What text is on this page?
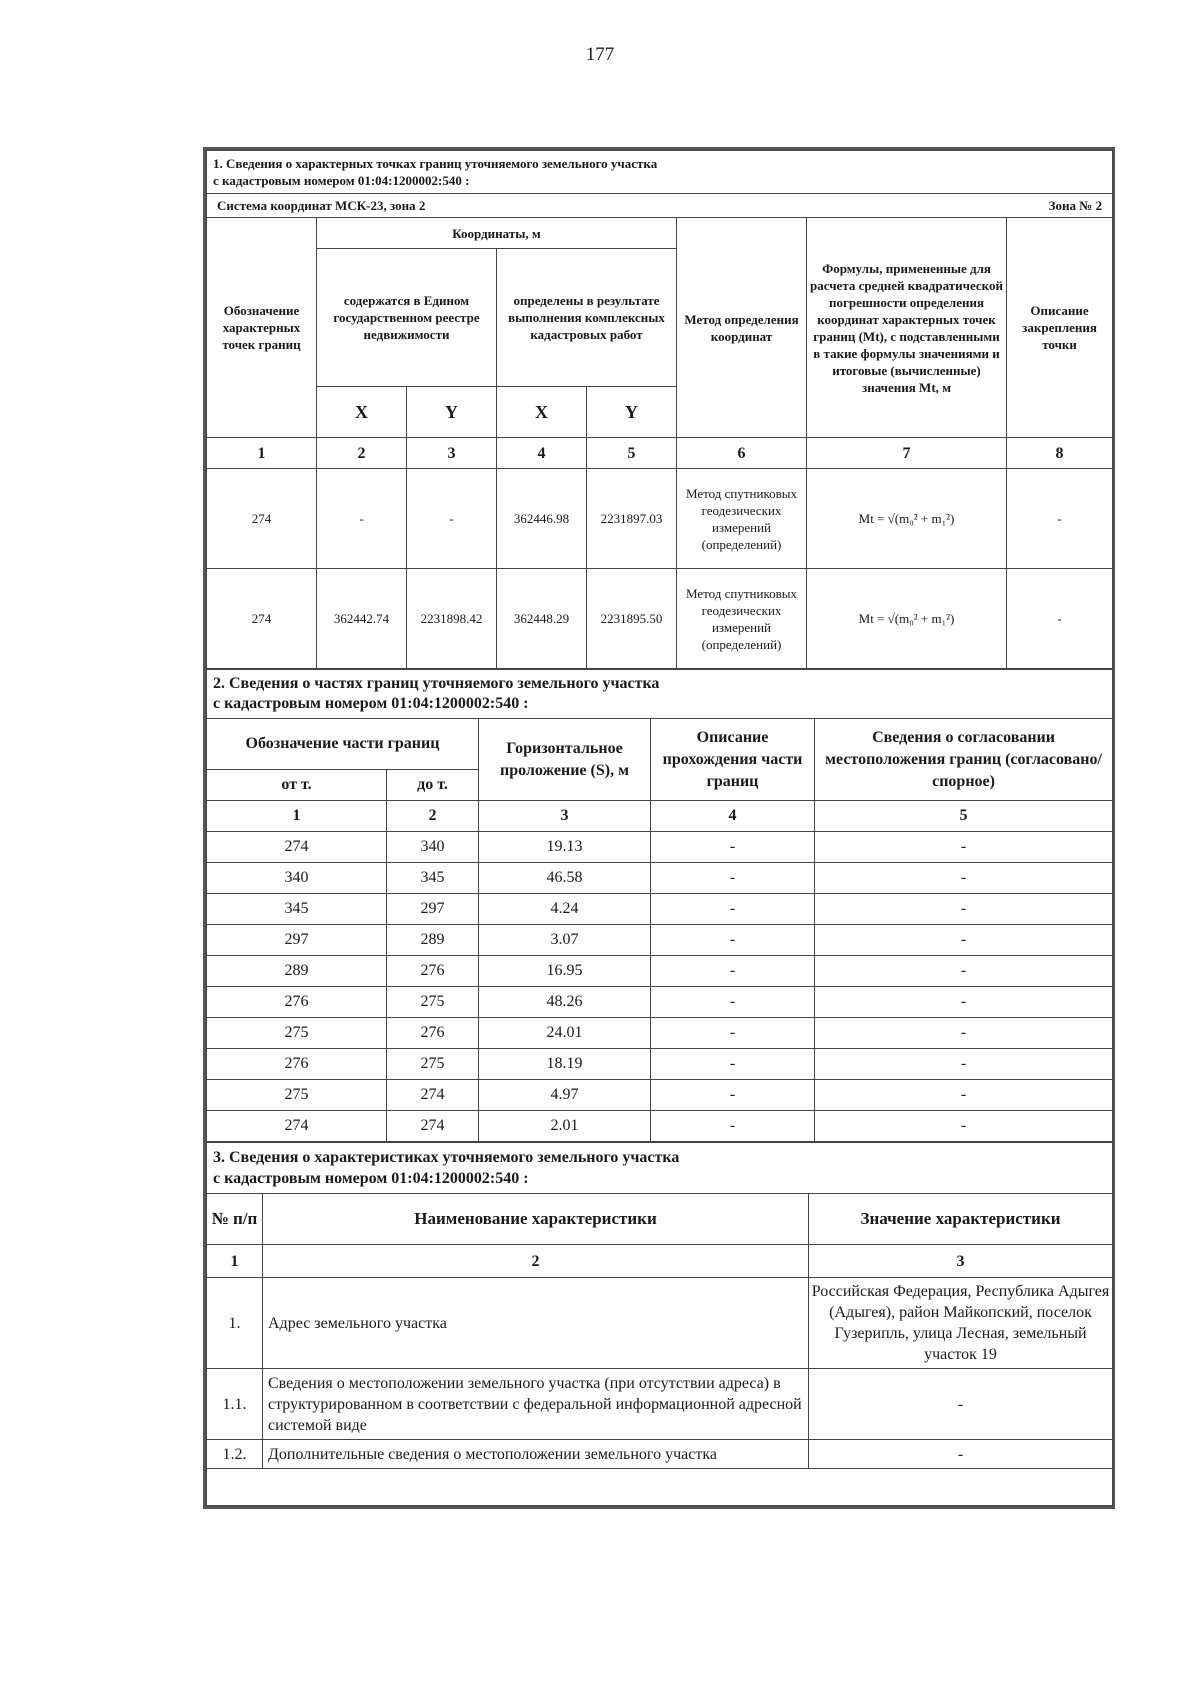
177
1. Сведения о характерных точках границ уточняемого земельного участка
с кадастровым номером 01:04:1200002:540 :							

Система координат МСК-23, зона 2						Зона № 2	
Обозначение характерных точек границ	Координаты, м				Метод определения координат	Формулы, примененные для расчета средней квадратической погрешности определения координат характерных точек границ (Mt), с подставленными в такие формулы значениями и итоговые (вычисленные) значения Mt, м	Описание закрепления точки
	содержатся в Едином государственном реестре недвижимости		определены в результате выполнения комплексных кадастровых работ				
	X	Y	X	Y			
1	2	3	4	5	6	7	8
274	-	-	362446.98	2231897.03	Метод спутниковых геодезических измерений (определений)	Mt = √(m₀² + m₁²)	-
274	362442.74	2231898.42	362448.29	2231895.50	Метод спутниковых геодезических измерений (определений)	Mt = √(m₀² + m₁²)	-
2. Сведения о частях границ уточняемого земельного участка
с кадастровым номером 01:04:1200002:540 :				

Обозначение части границ		Горизонтальное проложение (S), м	Описание прохождения части границ	Сведения о согласовании местоположения границ (согласовано/спорное)
от т.	до т.			
1	2	3	4	5
274	340	19.13	-	-
340	345	46.58	-	-
345	297	4.24	-	-
297	289	3.07	-	-
289	276	16.95	-	-
276	275	48.26	-	-
275	276	24.01	-	-
276	275	18.19	-	-
275	274	4.97	-	-
274	274	2.01	-	-
3. Сведения о характеристиках уточняемого земельного участка
с кадастровым номером 01:04:1200002:540 :		

№ п/п	Наименование характеристики	Значение характеристики
1	2	3
1.	Адрес земельного участка	Российская Федерация, Республика Адыгея (Адыгея), район Майкопский, поселок Гузерипль, улица Лесная, земельный участок 19
1.1.	Сведения о местоположении земельного участка (при отсутствии адреса) в структурированном в соответствии с федеральной информационной адресной системой виде	-
1.2.	Дополнительные сведения о местоположении земельного участка	-
